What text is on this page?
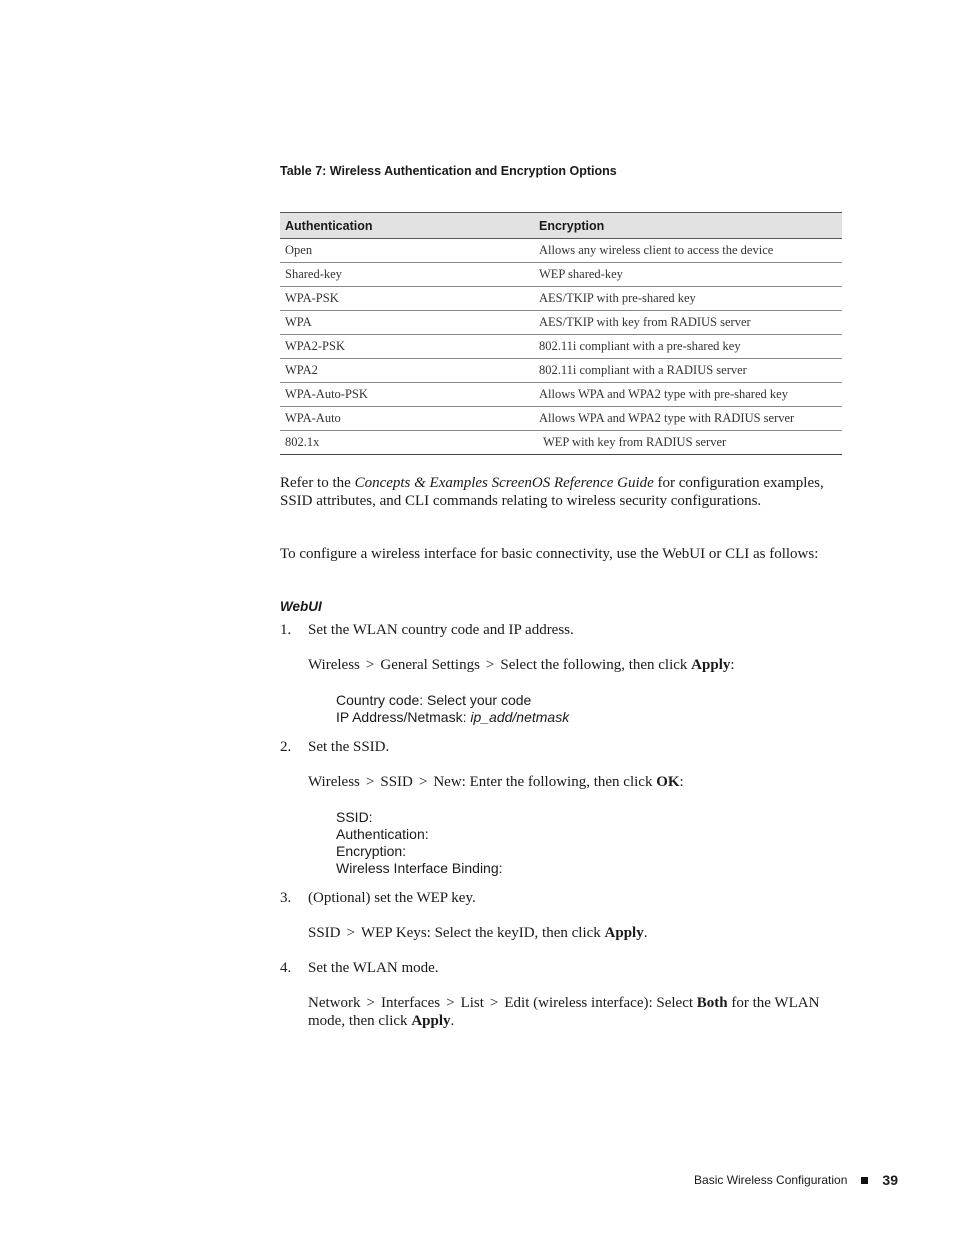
Table 7: Wireless Authentication and Encryption Options
Authentication	Encryption
Open	Allows any wireless client to access the device
Shared-key	WEP shared-key
WPA-PSK	AES/TKIP with pre-shared key
WPA	AES/TKIP with key from RADIUS server
WPA2-PSK	802.11i compliant with a pre-shared key
WPA2	802.11i compliant with a RADIUS server
WPA-Auto-PSK	Allows WPA and WPA2 type with pre-shared key
WPA-Auto	Allows WPA and WPA2 type with RADIUS server
802.1x	WEP with key from RADIUS server
Refer to the Concepts & Examples ScreenOS Reference Guide for configuration examples, SSID attributes, and CLI commands relating to wireless security configurations.
To configure a wireless interface for basic connectivity, use the WebUI or CLI as follows:
WebUI
1. Set the WLAN country code and IP address.
Wireless > General Settings > Select the following, then click Apply:
Country code: Select your code
IP Address/Netmask: ip_add/netmask
2. Set the SSID.
Wireless > SSID > New: Enter the following, then click OK:
SSID:
Authentication:
Encryption:
Wireless Interface Binding:
3. (Optional) set the WEP key.
SSID > WEP Keys: Select the keyID, then click Apply.
4. Set the WLAN mode.
Network > Interfaces > List > Edit (wireless interface): Select Both for the WLAN mode, then click Apply.
Basic Wireless Configuration	39
